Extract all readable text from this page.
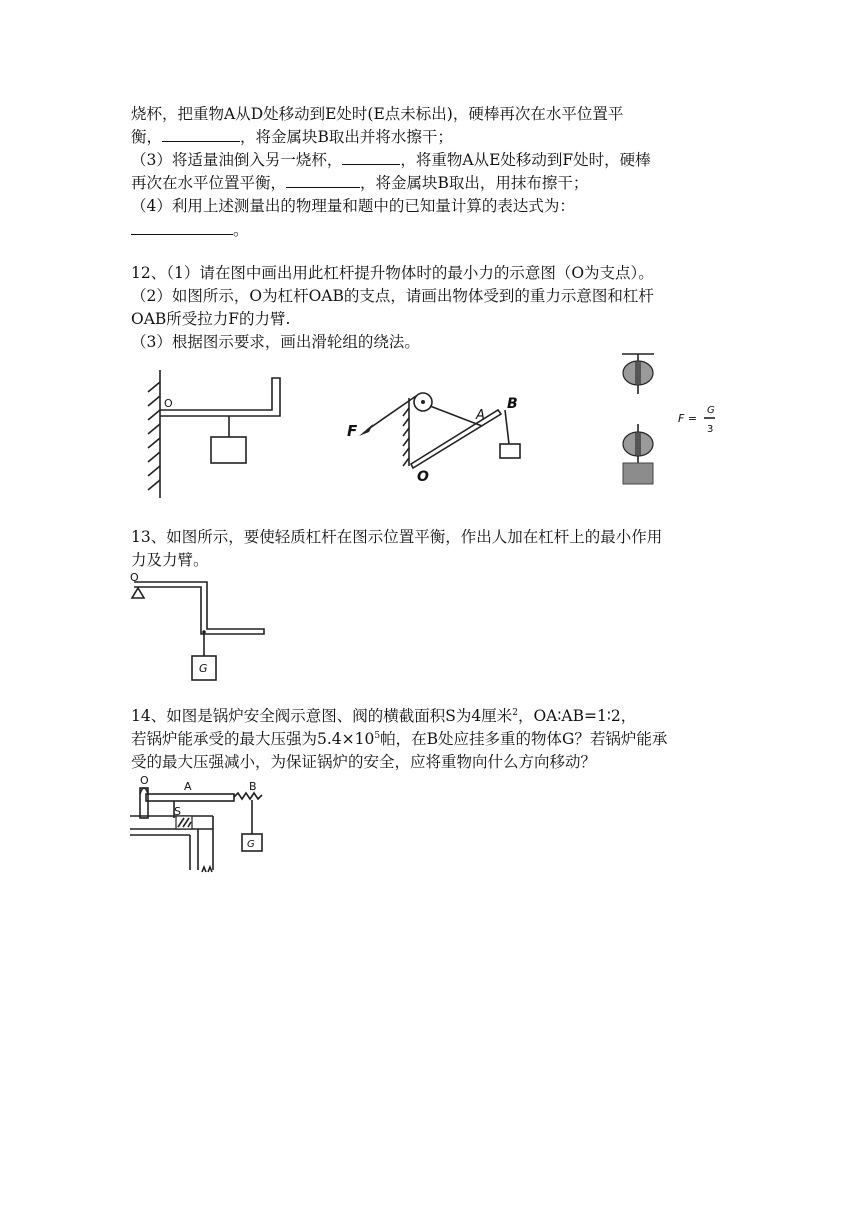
烧杯，把重物A从D处移动到E处时(E点未标出)，硬棒再次在水平位置平
衡，	，将金属块B取出并将水擦干；
（3）将适量油倒入另一烧杯，	，将重物A从E处移动到F处时，硬棒
再次在水平位置平衡，	，将金属块B取出，用抹布擦干；
（4）利用上述测量出的物理量和题中的已知量计算的表达式为：
。
12、（1）请在图中画出用此杠杆提升物体时的最小力的示意图（O为支点）。
（2）如图所示，O为杠杆OAB的支点，请画出物体受到的重力示意图和杠杆
OAB所受拉力F的力臂.
（3）根据图示要求，画出滑轮组的绕法。
O
F
A
B
O
F =
G
3
13、如图所示，要使轻质杠杆在图示位置平衡，作出人加在杠杆上的最小作用
力及力臂。
O
G
14、如图是锅炉安全阀示意图、阀的横截面积S为4厘米$^2$，OA∶AB=1∶2，
若锅炉能承受的最大压强为$5.4\times 10^5$帕，在B处应挂多重的物体G？若锅炉能承
受的最大压强减小，为保证锅炉的安全，应将重物向什么方向移动？
O	A	B
S
G
